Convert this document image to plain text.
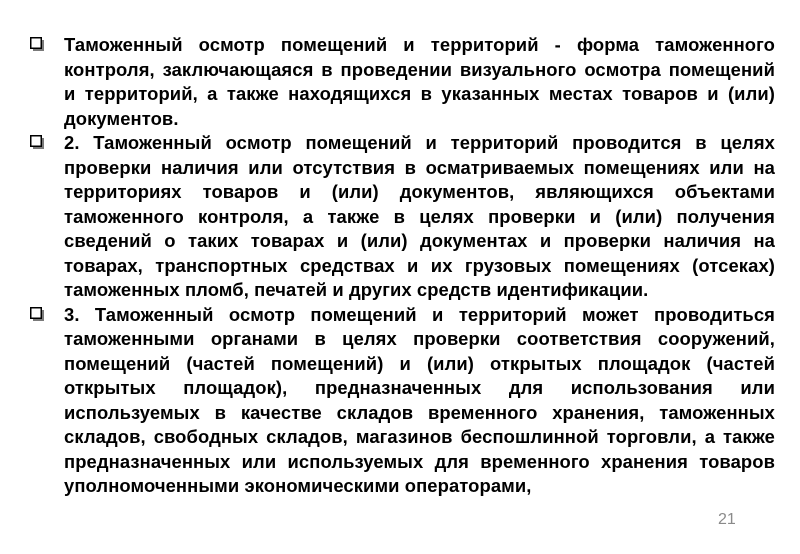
Таможенный осмотр помещений и территорий - форма таможенного контроля, заключающаяся в проведении визуального осмотра помещений и территорий, а также находящихся в указанных местах товаров и (или) документов.
2. Таможенный осмотр помещений и территорий проводится в целях проверки наличия или отсутствия в осматриваемых помещениях или на территориях товаров и (или) документов, являющихся объектами таможенного контроля, а также в целях проверки и (или) получения сведений о таких товарах и (или) документах и проверки наличия на товарах, транспортных средствах и их грузовых помещениях (отсеках) таможенных пломб, печатей и других средств идентификации.
3. Таможенный осмотр помещений и территорий может проводиться таможенными органами в целях проверки соответствия сооружений, помещений (частей помещений) и (или) открытых площадок (частей открытых площадок), предназначенных для использования или используемых в качестве складов временного хранения, таможенных складов, свободных складов, магазинов беспошлинной торговли, а также предназначенных или используемых для временного хранения товаров уполномоченными экономическими операторами,
21
